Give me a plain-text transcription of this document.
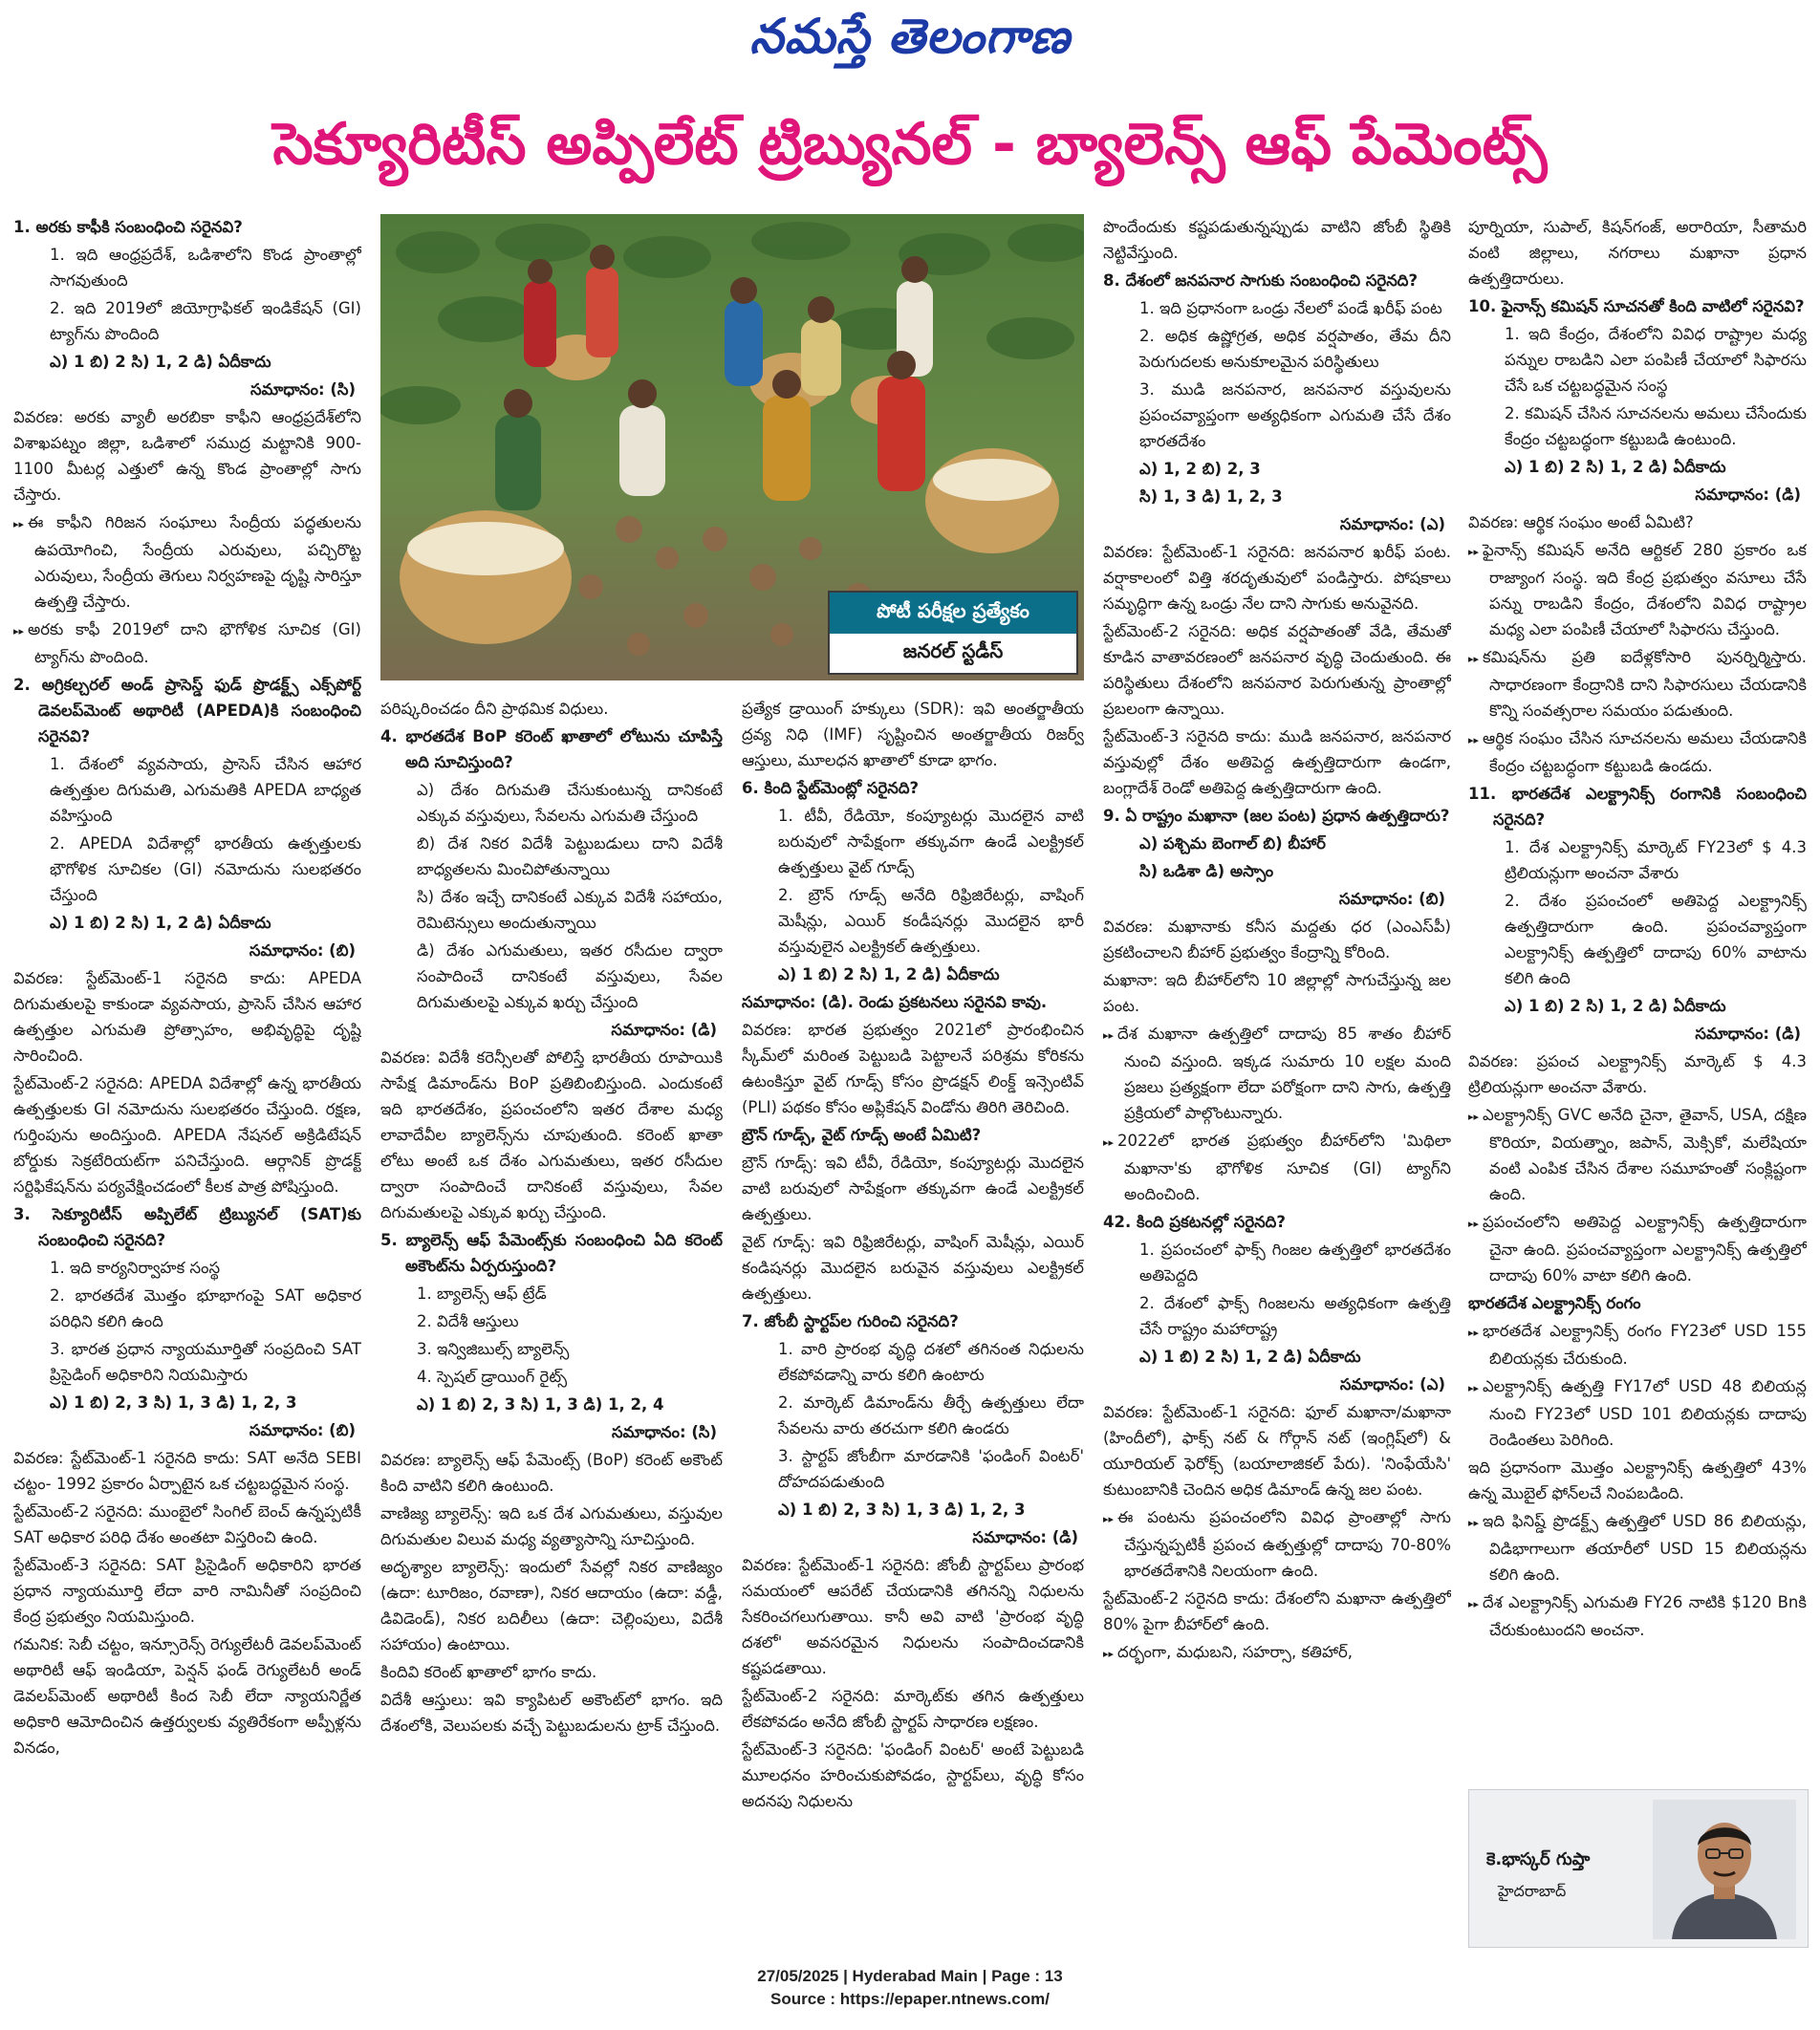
నమస్తే తెలంగాణ
సెక్యూరిటీస్ అప్పిలేట్ ట్రిబ్యునల్ - బ్యాలెన్స్ ఆఫ్ పేమెంట్స్

1. అరకు కాఫీకి సంబంధించి సరైనవి?

1. ఇది ఆంధ్రప్రదేశ్, ఒడిశాలోని కొండ ప్రాంతాల్లో సాగవుతుంది

2. ఇది 2019లో జియోగ్రాఫికల్ ఇండికేషన్ (GI) ట్యాగ్‌ను పొందింది

ఎ) 1 బి) 2 సి) 1, 2 డి) ఏదీకాదు

సమాధానం: (సి)

వివరణ: అరకు వ్యాలీ అరబికా కాఫీని ఆంధ్రప్రదేశ్‌లోని విశాఖపట్నం జిల్లా, ఒడిశాలో సముద్ర మట్టానికి 900-1100 మీటర్ల ఎత్తులో ఉన్న కొండ ప్రాంతాల్లో సాగు చేస్తారు.

▸▸ ఈ కాఫీని గిరిజన సంఘాలు సేంద్రీయ పద్ధతులను ఉపయోగించి, సేంద్రీయ ఎరువులు, పచ్చిరొట్ట ఎరువులు, సేంద్రీయ తెగులు నిర్వహణపై దృష్టి సారిస్తూ ఉత్పత్తి చేస్తారు.

▸▸ అరకు కాఫీ 2019లో దాని భౌగోళిక సూచిక (GI) ట్యాగ్‌ను పొందింది.

2. అగ్రికల్చరల్ అండ్ ప్రాసెస్డ్ ఫుడ్ ప్రొడక్ట్స్ ఎక్స్‌పోర్ట్ డెవలప్‌మెంట్ అథారిటీ (APEDA)కి సంబంధించి సరైనవి?

1. దేశంలో వ్యవసాయ, ప్రాసెస్ చేసిన ఆహార ఉత్పత్తుల దిగుమతి, ఎగుమతికి APEDA బాధ్యత వహిస్తుంది

2. APEDA విదేశాల్లో భారతీయ ఉత్పత్తులకు భౌగోళిక సూచికల (GI) నమోదును సులభతరం చేస్తుంది

ఎ) 1 బి) 2 సి) 1, 2 డి) ఏదీకాదు

సమాధానం: (బి)

వివరణ: స్టేట్‌మెంట్-1 సరైనది కాదు: APEDA దిగుమతులపై కాకుండా వ్యవసాయ, ప్రాసెస్ చేసిన ఆహార ఉత్పత్తుల ఎగుమతి ప్రోత్సాహం, అభివృద్ధిపై దృష్టి సారించింది.

స్టేట్‌మెంట్-2 సరైనది: APEDA విదేశాల్లో ఉన్న భారతీయ ఉత్పత్తులకు GI నమోదును సులభతరం చేస్తుంది. రక్షణ, గుర్తింపును అందిస్తుంది. APEDA నేషనల్ అక్రిడిటేషన్ బోర్డుకు సెక్రటేరియట్‌గా పనిచేస్తుంది. ఆర్గానిక్ ప్రొడక్ట్ సర్టిఫికేషన్‌ను పర్యవేక్షించడంలో కీలక పాత్ర పోషిస్తుంది.

3. సెక్యూరిటీస్ అప్పిలేట్ ట్రిబ్యునల్ (SAT)కు సంబంధించి సరైనది?

1. ఇది కార్యనిర్వాహక సంస్థ

2. భారతదేశ మొత్తం భూభాగంపై SAT అధికార పరిధిని కలిగి ఉంది

3. భారత ప్రధాన న్యాయమూర్తితో సంప్రదించి SAT ప్రిసైడింగ్ అధికారిని నియమిస్తారు

ఎ) 1 బి) 2, 3 సి) 1, 3 డి) 1, 2, 3

సమాధానం: (బి)

వివరణ: స్టేట్‌మెంట్-1 సరైనది కాదు: SAT అనేది SEBI చట్టం- 1992 ప్రకారం ఏర్పాటైన ఒక చట్టబద్ధమైన సంస్థ.

స్టేట్‌మెంట్-2 సరైనది: ముంబైలో సింగిల్ బెంచ్ ఉన్నప్పటికీ SAT అధికార పరిధి దేశం అంతటా విస్తరించి ఉంది.

స్టేట్‌మెంట్-3 సరైనది: SAT ప్రిసైడింగ్ అధికారిని భారత ప్రధాన న్యాయమూర్తి లేదా వారి నామినీతో సంప్రదించి కేంద్ర ప్రభుత్వం నియమిస్తుంది.

గమనిక: సెబీ చట్టం, ఇన్సూరెన్స్ రెగ్యులేటరీ డెవలప్‌మెంట్ అథారిటీ ఆఫ్ ఇండియా, పెన్షన్ ఫండ్ రెగ్యులేటరీ అండ్ డెవలప్‌మెంట్ అథారిటీ కింద సెబీ లేదా న్యాయనిర్ణేత అధికారి ఆమోదించిన ఉత్తర్వులకు వ్యతిరేకంగా అప్పీళ్లను వినడం,

పోటీ పరీక్షల ప్రత్యేకం
జనరల్ స్టడీస్

పరిష్కరించడం దీని ప్రాథమిక విధులు.

4. భారతదేశ BoP కరెంట్ ఖాతాలో లోటును చూపిస్తే అది సూచిస్తుంది?

ఎ) దేశం దిగుమతి చేసుకుంటున్న దానికంటే ఎక్కువ వస్తువులు, సేవలను ఎగుమతి చేస్తుంది

బి) దేశ నికర విదేశీ పెట్టుబడులు దాని విదేశీ బాధ్యతలను మించిపోతున్నాయి

సి) దేశం ఇచ్చే దానికంటే ఎక్కువ విదేశీ సహాయం, రెమిటెన్సులు అందుతున్నాయి

డి) దేశం ఎగుమతులు, ఇతర రసీదుల ద్వారా సంపాదించే దానికంటే వస్తువులు, సేవల దిగుమతులపై ఎక్కువ ఖర్చు చేస్తుంది

సమాధానం: (డి)

వివరణ: విదేశీ కరెన్సీలతో పోలిస్తే భారతీయ రూపాయికి సాపేక్ష డిమాండ్‌ను BoP ప్రతిబింబిస్తుంది. ఎందుకంటే ఇది భారతదేశం, ప్రపంచంలోని ఇతర దేశాల మధ్య లావాదేవీల బ్యాలెన్స్‌ను చూపుతుంది. కరెంట్ ఖాతా లోటు అంటే ఒక దేశం ఎగుమతులు, ఇతర రసీదుల ద్వారా సంపాదించే దానికంటే వస్తువులు, సేవల దిగుమతులపై ఎక్కువ ఖర్చు చేస్తుంది.

5. బ్యాలెన్స్ ఆఫ్ పేమెంట్స్‌కు సంబంధించి ఏది కరెంట్ అకౌంట్‌ను ఏర్పరుస్తుంది?

1. బ్యాలెన్స్ ఆఫ్ ట్రేడ్

2. విదేశీ ఆస్తులు

3. ఇన్విజిబుల్స్ బ్యాలెన్స్

4. స్పెషల్ డ్రాయింగ్ రైట్స్

ఎ) 1 బి) 2, 3 సి) 1, 3 డి) 1, 2, 4

సమాధానం: (సి)

వివరణ: బ్యాలెన్స్ ఆఫ్ పేమెంట్స్ (BoP) కరెంట్ అకౌంట్ కింది వాటిని కలిగి ఉంటుంది.

వాణిజ్య బ్యాలెన్స్: ఇది ఒక దేశ ఎగుమతులు, వస్తువుల దిగుమతుల విలువ మధ్య వ్యత్యాసాన్ని సూచిస్తుంది.

అదృశ్యాల బ్యాలెన్స్: ఇందులో సేవల్లో నికర వాణిజ్యం (ఉదా: టూరిజం, రవాణా), నికర ఆదాయం (ఉదా: వడ్డీ, డివిడెండ్), నికర బదిలీలు (ఉదా: చెల్లింపులు, విదేశీ సహాయం) ఉంటాయి.

కిందివి కరెంట్ ఖాతాలో భాగం కాదు.

విదేశీ ఆస్తులు: ఇవి క్యాపిటల్ అకౌంట్‌లో భాగం. ఇది దేశంలోకి, వెలుపలకు వచ్చే పెట్టుబడులను ట్రాక్ చేస్తుంది.

ప్రత్యేక డ్రాయింగ్ హక్కులు (SDR): ఇవి అంతర్జాతీయ ద్రవ్య నిధి (IMF) సృష్టించిన అంతర్జాతీయ రిజర్వ్ ఆస్తులు, మూలధన ఖాతాలో కూడా భాగం.

6. కింది స్టేట్‌మెంట్లో సరైనది?

1. టీవీ, రేడియో, కంప్యూటర్లు మొదలైన వాటి బరువులో సాపేక్షంగా తక్కువగా ఉండే ఎలక్ట్రికల్ ఉత్పత్తులు వైట్ గూడ్స్

2. బ్రౌన్ గూడ్స్ అనేది రిఫ్రిజిరేటర్లు, వాషింగ్ మెషీన్లు, ఎయిర్ కండీషనర్లు మొదలైన భారీ వస్తువులైన ఎలక్ట్రికల్ ఉత్పత్తులు.

ఎ) 1 బి) 2 సి) 1, 2 డి) ఏదీకాదు

సమాధానం: (డి). రెండు ప్రకటనలు సరైనవి కావు.

వివరణ: భారత ప్రభుత్వం 2021లో ప్రారంభించిన స్కీమ్‌లో మరింత పెట్టుబడి పెట్టాలనే పరిశ్రమ కోరికను ఉటంకిస్తూ వైట్ గూడ్స్ కోసం ప్రొడక్షన్ లింక్డ్ ఇన్సెంటివ్ (PLI) పథకం కోసం అప్లికేషన్ విండోను తిరిగి తెరిచింది.

బ్రౌన్ గూడ్స్, వైట్ గూడ్స్ అంటే ఏమిటి?

బ్రౌన్ గూడ్స్: ఇవి టీవీ, రేడియో, కంప్యూటర్లు మొదలైన వాటి బరువులో సాపేక్షంగా తక్కువగా ఉండే ఎలక్ట్రికల్ ఉత్పత్తులు.

వైట్ గూడ్స్: ఇవి రిఫ్రిజిరేటర్లు, వాషింగ్ మెషీన్లు, ఎయిర్ కండిషనర్లు మొదలైన బరువైన వస్తువులు ఎలక్ట్రికల్ ఉత్పత్తులు.

7. జోంబీ స్టార్టప్‌ల గురించి సరైనది?

1. వారి ప్రారంభ వృద్ధి దశలో తగినంత నిధులను లేకపోవడాన్ని వారు కలిగి ఉంటారు

2. మార్కెట్ డిమాండ్‌ను తీర్చే ఉత్పత్తులు లేదా సేవలను వారు తరచుగా కలిగి ఉండరు

3. స్టార్టప్ జోంబీగా మారడానికి 'ఫండింగ్ వింటర్' దోహదపడుతుంది

ఎ) 1 బి) 2, 3 సి) 1, 3 డి) 1, 2, 3

సమాధానం: (డి)

వివరణ: స్టేట్‌మెంట్-1 సరైనది: జోంబీ స్టార్టప్‌లు ప్రారంభ సమయంలో ఆపరేట్ చేయడానికి తగినన్ని నిధులను సేకరించగలుగుతాయి. కానీ అవి వాటి 'ప్రారంభ వృద్ధి దశలో' అవసరమైన నిధులను సంపాదించడానికి కష్టపడతాయి.

స్టేట్‌మెంట్-2 సరైనది: మార్కెట్‌కు తగిన ఉత్పత్తులు లేకపోవడం అనేది జోంబీ స్టార్టప్ సాధారణ లక్షణం.

స్టేట్‌మెంట్-3 సరైనది: 'ఫండింగ్ వింటర్' అంటే పెట్టుబడి మూలధనం హరించుకుపోవడం, స్టార్టప్‌లు, వృద్ధి కోసం అదనపు నిధులను

పొందేందుకు కష్టపడుతున్నప్పుడు వాటిని జోంబీ స్థితికి నెట్టివేస్తుంది.

8. దేశంలో జనపనార సాగుకు సంబంధించి సరైనది?

1. ఇది ప్రధానంగా ఒండ్రు నేలలో పండే ఖరీఫ్ పంట

2. అధిక ఉష్ణోగ్రత, అధిక వర్షపాతం, తేమ దీని పెరుగుదలకు అనుకూలమైన పరిస్థితులు

3. ముడి జనపనార, జనపనార వస్తువులను ప్రపంచవ్యాప్తంగా అత్యధికంగా ఎగుమతి చేసే దేశం భారతదేశం

ఎ) 1, 2 బి) 2, 3

సి) 1, 3 డి) 1, 2, 3

సమాధానం: (ఎ)

వివరణ: స్టేట్‌మెంట్-1 సరైనది: జనపనార ఖరీఫ్ పంట. వర్షాకాలంలో విత్తి శరదృతువులో పండిస్తారు. పోషకాలు సమృద్ధిగా ఉన్న ఒండ్రు నేల దాని సాగుకు అనువైనది.

స్టేట్‌మెంట్-2 సరైనది: అధిక వర్షపాతంతో వేడి, తేమతో కూడిన వాతావరణంలో జనపనార వృద్ధి చెందుతుంది. ఈ పరిస్థితులు దేశంలోని జనపనార పెరుగుతున్న ప్రాంతాల్లో ప్రబలంగా ఉన్నాయి.

స్టేట్‌మెంట్-3 సరైనది కాదు: ముడి జనపనార, జనపనార వస్తువుల్లో దేశం అతిపెద్ద ఉత్పత్తిదారుగా ఉండగా, బంగ్లాదేశ్ రెండో అతిపెద్ద ఉత్పత్తిదారుగా ఉంది.

9. ఏ రాష్ట్రం మఖానా (జల పంట) ప్రధాన ఉత్పత్తిదారు?

ఎ) పశ్చిమ బెంగాల్ బి) బీహార్

సి) ఒడిశా డి) అస్సాం

సమాధానం: (బి)

వివరణ: మఖానాకు కనీస మద్దతు ధర (ఎంఎస్‌పీ) ప్రకటించాలని బీహార్ ప్రభుత్వం కేంద్రాన్ని కోరింది.

మఖానా: ఇది బీహార్‌లోని 10 జిల్లాల్లో సాగుచేస్తున్న జల పంట.

▸▸ దేశ మఖానా ఉత్పత్తిలో దాదాపు 85 శాతం బీహార్ నుంచి వస్తుంది. ఇక్కడ సుమారు 10 లక్షల మంది ప్రజలు ప్రత్యక్షంగా లేదా పరోక్షంగా దాని సాగు, ఉత్పత్తి ప్రక్రియలో పాల్గొంటున్నారు.

▸▸ 2022లో భారత ప్రభుత్వం బీహార్‌లోని 'మిథిలా మఖానా'కు భౌగోళిక సూచిక (GI) ట్యాగ్‌ని అందించింది.

42. కింది ప్రకటనల్లో సరైనది?

1. ప్రపంచంలో ఫాక్స్ గింజల ఉత్పత్తిలో భారతదేశం అతిపెద్దది

2. దేశంలో ఫాక్స్ గింజలను అత్యధికంగా ఉత్పత్తి చేసే రాష్ట్రం మహారాష్ట్ర

ఎ) 1 బి) 2 సి) 1, 2 డి) ఏదీకాదు

సమాధానం: (ఎ)

వివరణ: స్టేట్‌మెంట్-1 సరైనది: ఫూల్ మఖానా/మఖానా (హిందీలో), ఫాక్స్ నట్ & గోర్గాన్ నట్ (ఇంగ్లిష్‌లో) & యూరియల్ ఫెరోక్స్ (బయాలాజికల్ పేరు). 'నింఫేయేసి' కుటుంబానికి చెందిన అధిక డిమాండ్ ఉన్న జల పంట.

▸▸ ఈ పంటను ప్రపంచంలోని వివిధ ప్రాంతాల్లో సాగు చేస్తున్నప్పటికీ ప్రపంచ ఉత్పత్తుల్లో దాదాపు 70-80% భారతదేశానికి నిలయంగా ఉంది.

స్టేట్‌మెంట్-2 సరైనది కాదు: దేశంలోని మఖానా ఉత్పత్తిలో 80% పైగా బీహార్‌లో ఉంది.

▸▸ దర్భంగా, మధుబని, సహర్సా, కతిహార్,

పూర్నియా, సుపాల్, కిషన్‌గంజ్, అరారియా, సీతామరి వంటి జిల్లాలు, నగరాలు మఖానా ప్రధాన ఉత్పత్తిదారులు.

10. ఫైనాన్స్ కమిషన్ సూచనతో కింది వాటిలో సరైనవి?

1. ఇది కేంద్రం, దేశంలోని వివిధ రాష్ట్రాల మధ్య పన్నుల రాబడిని ఎలా పంపిణీ చేయాలో సిఫారసు చేసే ఒక చట్టబద్ధమైన సంస్థ

2. కమిషన్ చేసిన సూచనలను అమలు చేసేందుకు కేంద్రం చట్టబద్ధంగా కట్టుబడి ఉంటుంది.

ఎ) 1 బి) 2 సి) 1, 2 డి) ఏదీకాదు

సమాధానం: (డి)

వివరణ: ఆర్థిక సంఘం అంటే ఏమిటి?

▸▸ ఫైనాన్స్ కమిషన్ అనేది ఆర్టికల్ 280 ప్రకారం ఒక రాజ్యాంగ సంస్థ. ఇది కేంద్ర ప్రభుత్వం వసూలు చేసే పన్ను రాబడిని కేంద్రం, దేశంలోని వివిధ రాష్ట్రాల మధ్య ఎలా పంపిణీ చేయాలో సిఫారసు చేస్తుంది.

▸▸ కమిషన్‌ను ప్రతి ఐదేళ్లకోసారి పునర్నిర్మిస్తారు. సాధారణంగా కేంద్రానికి దాని సిఫారసులు చేయడానికి కొన్ని సంవత్సరాల సమయం పడుతుంది.

▸▸ ఆర్థిక సంఘం చేసిన సూచనలను అమలు చేయడానికి కేంద్రం చట్టబద్ధంగా కట్టుబడి ఉండదు.

11. భారతదేశ ఎలక్ట్రానిక్స్ రంగానికి సంబంధించి సరైనది?

1. దేశ ఎలక్ట్రానిక్స్ మార్కెట్ FY23లో $ 4.3 ట్రిలియన్లుగా అంచనా వేశారు

2. దేశం ప్రపంచంలో అతిపెద్ద ఎలక్ట్రానిక్స్ ఉత్పత్తిదారుగా ఉంది. ప్రపంచవ్యాప్తంగా ఎలక్ట్రానిక్స్ ఉత్పత్తిలో దాదాపు 60% వాటాను కలిగి ఉంది

ఎ) 1 బి) 2 సి) 1, 2 డి) ఏదీకాదు

సమాధానం: (డి)

వివరణ: ప్రపంచ ఎలక్ట్రానిక్స్ మార్కెట్ $ 4.3 ట్రిలియన్లుగా అంచనా వేశారు.

▸▸ ఎలక్ట్రానిక్స్ GVC అనేది చైనా, తైవాన్, USA, దక్షిణ కొరియా, వియత్నాం, జపాన్, మెక్సికో, మలేషియా వంటి ఎంపిక చేసిన దేశాల సమూహంతో సంక్లిష్టంగా ఉంది.

▸▸ ప్రపంచంలోని అతిపెద్ద ఎలక్ట్రానిక్స్ ఉత్పత్తిదారుగా చైనా ఉంది. ప్రపంచవ్యాప్తంగా ఎలక్ట్రానిక్స్ ఉత్పత్తిలో దాదాపు 60% వాటా కలిగి ఉంది.

భారతదేశ ఎలక్ట్రానిక్స్ రంగం

▸▸ భారతదేశ ఎలక్ట్రానిక్స్ రంగం FY23లో USD 155 బిలియన్లకు చేరుకుంది.

▸▸ ఎలక్ట్రానిక్స్ ఉత్పత్తి FY17లో USD 48 బిలియన్ల నుంచి FY23లో USD 101 బిలియన్లకు దాదాపు రెండింతలు పెరిగింది.

ఇది ప్రధానంగా మొత్తం ఎలక్ట్రానిక్స్ ఉత్పత్తిలో 43% ఉన్న మొబైల్ ఫోన్‌లచే నింపబడింది.

▸▸ ఇది ఫినిష్డ్ ప్రొడక్ట్స్ ఉత్పత్తిలో USD 86 బిలియన్లు, విడిభాగాలుగా తయారీలో USD 15 బిలియన్లను కలిగి ఉంది.

▸▸ దేశ ఎలక్ట్రానిక్స్ ఎగుమతి FY26 నాటికి $120 Bnకి చేరుకుంటుందని అంచనా.

కె.భాస్కర్ గుప్తా
హైదరాబాద్
27/05/2025 | Hyderabad Main | Page : 13
Source : https://epaper.ntnews.com/
